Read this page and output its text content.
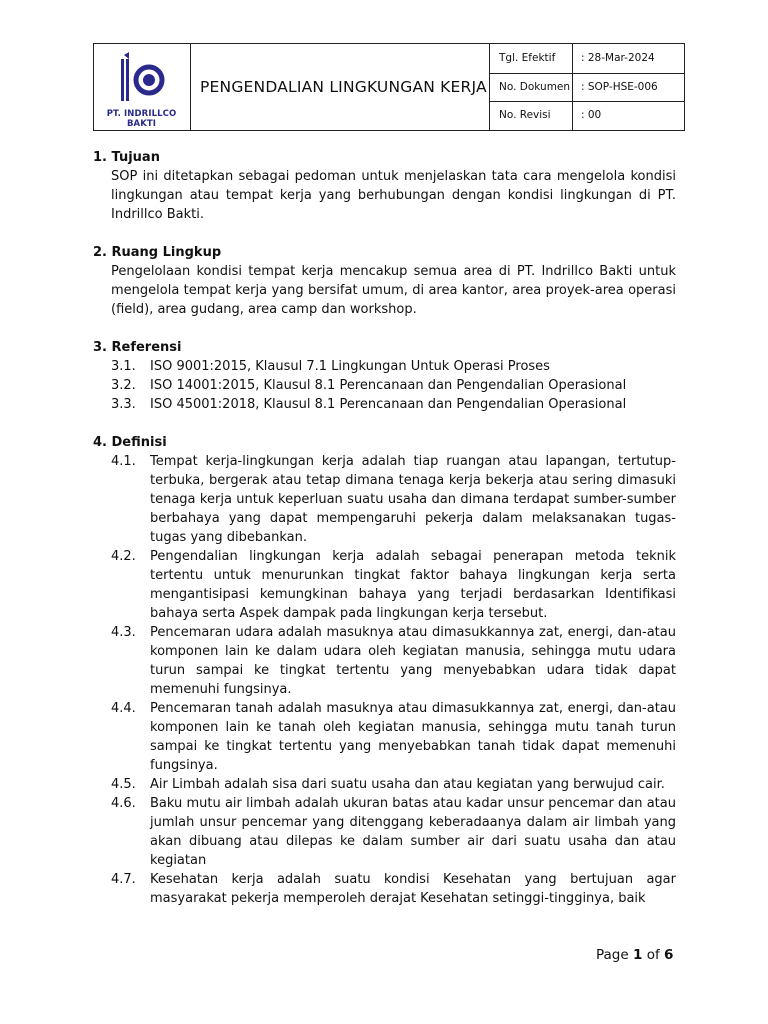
PT. INDRILLCO BAKTI
PENGENDALIAN LINGKUNGAN KERJA
Tgl. Efektif	: 28-Mar-2024
No. Dokumen	: SOP-HSE-006
No. Revisi	: 00
1. Tujuan
SOP ini ditetapkan sebagai pedoman untuk menjelaskan tata cara mengelola kondisi lingkungan atau tempat kerja yang berhubungan dengan kondisi lingkungan di PT. Indrillco Bakti.
2. Ruang Lingkup
Pengelolaan kondisi tempat kerja mencakup semua area di PT. Indrillco Bakti untuk mengelola tempat kerja yang bersifat umum, di area kantor, area proyek-area operasi (field), area gudang, area camp dan workshop.
3. Referensi
3.1.	ISO 9001:2015, Klausul 7.1 Lingkungan Untuk Operasi Proses
3.2.	ISO 14001:2015, Klausul 8.1 Perencanaan dan Pengendalian Operasional
3.3.	ISO 45001:2018, Klausul 8.1 Perencanaan dan Pengendalian Operasional
4. Definisi
4.1.	Tempat kerja-lingkungan kerja adalah tiap ruangan atau lapangan, tertutup-terbuka, bergerak atau tetap dimana tenaga kerja bekerja atau sering dimasuki tenaga kerja untuk keperluan suatu usaha dan dimana terdapat sumber-sumber berbahaya yang dapat mempengaruhi pekerja dalam melaksanakan tugas-tugas yang dibebankan.
4.2.	Pengendalian lingkungan kerja adalah sebagai penerapan metoda teknik tertentu untuk menurunkan tingkat faktor bahaya lingkungan kerja serta mengantisipasi kemungkinan bahaya yang terjadi berdasarkan Identifikasi bahaya serta Aspek dampak pada lingkungan kerja tersebut.
4.3.	Pencemaran udara adalah masuknya atau dimasukkannya zat, energi, dan-atau komponen lain ke dalam udara oleh kegiatan manusia, sehingga mutu udara turun sampai ke tingkat tertentu yang menyebabkan udara tidak dapat memenuhi fungsinya.
4.4.	Pencemaran tanah adalah masuknya atau dimasukkannya zat, energi, dan-atau komponen lain ke tanah oleh kegiatan manusia, sehingga mutu tanah turun sampai ke tingkat tertentu yang menyebabkan tanah tidak dapat memenuhi fungsinya.
4.5.	Air Limbah adalah sisa dari suatu usaha dan atau kegiatan yang berwujud cair.
4.6.	Baku mutu air limbah adalah ukuran batas atau kadar unsur pencemar dan atau jumlah unsur pencemar yang ditenggang keberadaanya dalam air limbah yang akan dibuang atau dilepas ke dalam sumber air dari suatu usaha dan atau kegiatan
4.7.	Kesehatan kerja adalah suatu kondisi Kesehatan yang bertujuan agar masyarakat pekerja memperoleh derajat Kesehatan setinggi-tingginya, baik
Page 1 of 6
